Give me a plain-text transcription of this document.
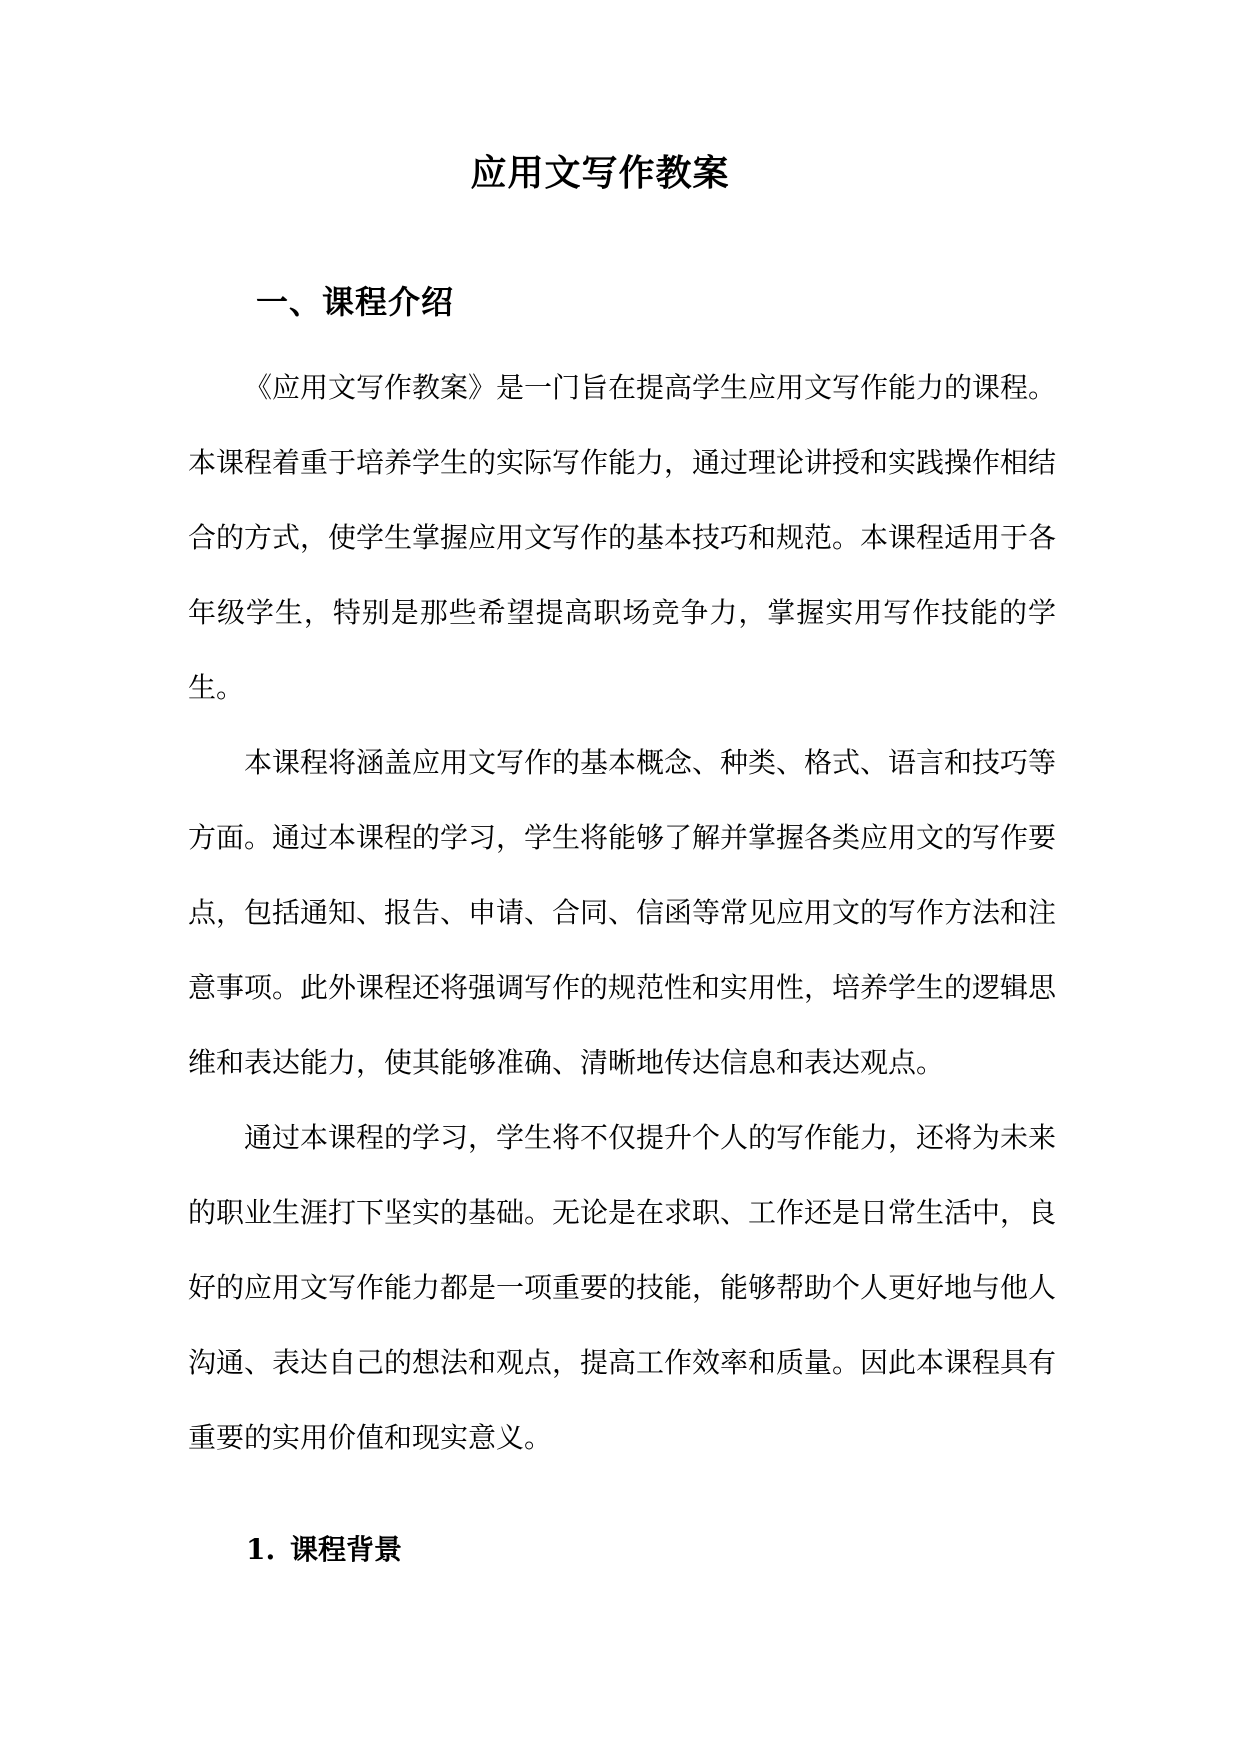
应用文写作教案
一、课程介绍

《应用文写作教案》是一门旨在提高学生应用文写作能力的课程。本课程着重于培养学生的实际写作能力，通过理论讲授和实践操作相结合的方式，使学生掌握应用文写作的基本技巧和规范。本课程适用于各年级学生，特别是那些希望提高职场竞争力，掌握实用写作技能的学生。

本课程将涵盖应用文写作的基本概念、种类、格式、语言和技巧等方面。通过本课程的学习，学生将能够了解并掌握各类应用文的写作要点，包括通知、报告、申请、合同、信函等常见应用文的写作方法和注意事项。此外课程还将强调写作的规范性和实用性，培养学生的逻辑思维和表达能力，使其能够准确、清晰地传达信息和表达观点。

通过本课程的学习，学生将不仅提升个人的写作能力，还将为未来的职业生涯打下坚实的基础。无论是在求职、工作还是日常生活中，良好的应用文写作能力都是一项重要的技能，能够帮助个人更好地与他人沟通、表达自己的想法和观点，提高工作效率和质量。因此本课程具有重要的实用价值和现实意义。

1. 课程背景
